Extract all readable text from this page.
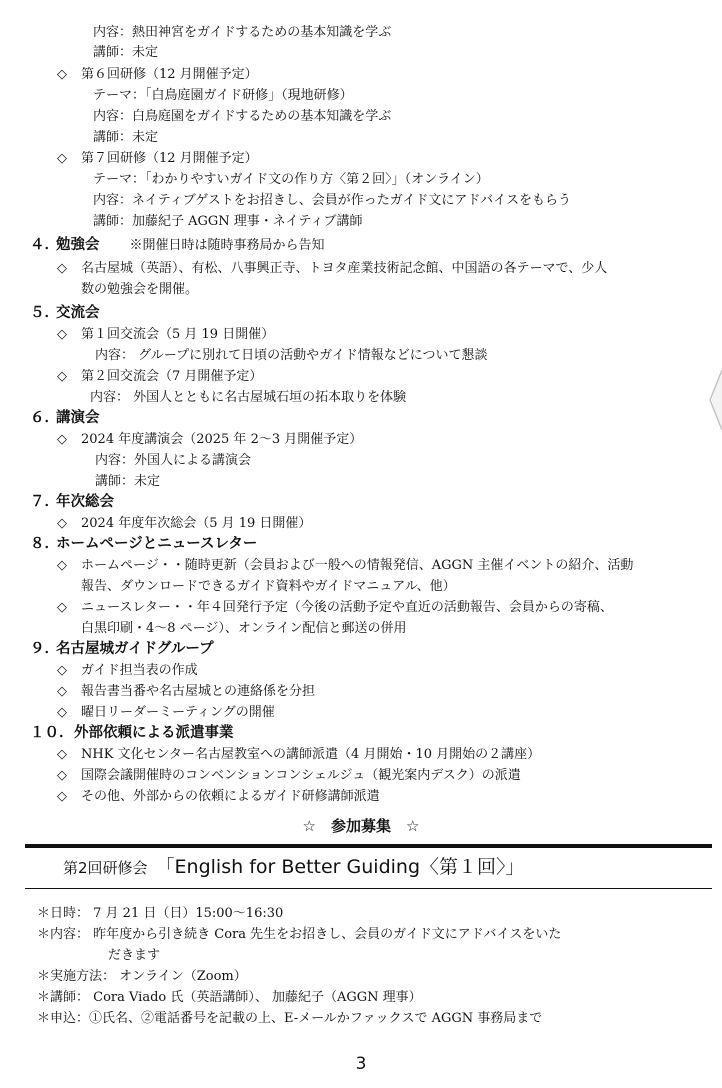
内容：熱田神宮をガイドするための基本知識を学ぶ
講師：未定
◇ 第６回研修（12 月開催予定）
テーマ：「白鳥庭園ガイド研修」（現地研修）
内容：白鳥庭園をガイドするための基本知識を学ぶ
講師：未定
◇ 第７回研修（12 月開催予定）
テーマ：「わかりやすいガイド文の作り方〈第２回〉」（オンライン）
内容：ネイティブゲストをお招きし、会員が作ったガイド文にアドバイスをもらう
講師：加藤紀子 AGGN 理事・ネイティブ講師
４．勉強会 ※開催日時は随時事務局から告知
◇ 名古屋城（英語）、有松、八事興正寺、トヨタ産業技術記念館、中国語の各テーマで、少人
数の勉強会を開催。
５．交流会
◇ 第１回交流会（5 月 19 日開催）
内容： グループに別れて日頃の活動やガイド情報などについて懇談
◇ 第２回交流会（7 月開催予定）
内容： 外国人とともに名古屋城石垣の拓本取りを体験
６．講演会
◇ 2024 年度講演会（2025 年 2～3 月開催予定）
内容：外国人による講演会
講師：未定
７．年次総会
◇ 2024 年度年次総会（5 月 19 日開催）
８．ホームページとニュースレター
◇ ホームページ・・随時更新（会員および一般への情報発信、AGGN 主催イベントの紹介、活動
報告、ダウンロードできるガイド資料やガイドマニュアル、他）
◇ ニュースレター・・年４回発行予定（今後の活動予定や直近の活動報告、会員からの寄稿、
白黒印刷・4～8 ページ）、オンライン配信と郵送の併用
９．名古屋城ガイドグループ
◇ ガイド担当表の作成
◇ 報告書当番や名古屋城との連絡係を分担
◇ 曜日リーダーミーティングの開催
１０．外部依頼による派遣事業
◇ NHK 文化センター名古屋教室への講師派遣（4 月開始・10 月開始の２講座）
◇ 国際会議開催時のコンベンションコンシェルジュ（観光案内デスク）の派遣
◇ その他、外部からの依頼によるガイド研修講師派遣
☆　参加募集　☆
第2回研修会 「English for Better Guiding〈第１回〉」
＊日時： 7 月 21 日（日）15:00～16:30
＊内容： 昨年度から引き続き Cora 先生をお招きし、会員のガイド文にアドバイスをいた
だきます
＊実施方法： オンライン（Zoom）
＊講師： Cora Viado 氏（英語講師）、 加藤紀子（AGGN 理事）
＊申込：①氏名、②電話番号を記載の上、E-メールかファックスで AGGN 事務局まで
3
